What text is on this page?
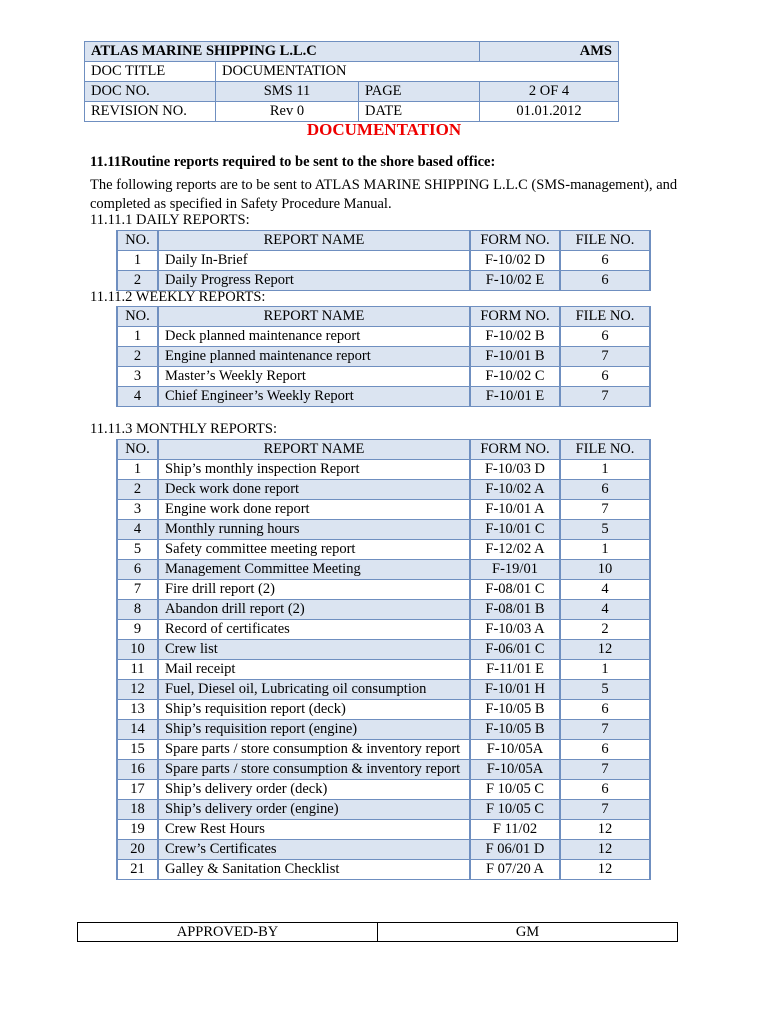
ATLAS MARINE SHIPPING L.L.C			AMS
DOC TITLE	DOCUMENTATION		
DOC NO.	SMS 11	PAGE	2 OF 4
REVISION NO.	Rev 0	DATE	01.01.2012
DOCUMENTATION
11.11Routine reports required to be sent to the shore based office:
The following reports are to be sent to ATLAS MARINE SHIPPING L.L.C (SMS-management), and completed as specified in Safety Procedure Manual.
11.11.1 DAILY REPORTS:
NO.	REPORT NAME	FORM NO.	FILE NO.
1	Daily In-Brief	F-10/02 D	6
2	Daily Progress Report	F-10/02 E	6
11.11.2 WEEKLY REPORTS:
NO.	REPORT NAME	FORM NO.	FILE NO.
1	Deck planned maintenance report	F-10/02 B	6
2	Engine planned maintenance report	F-10/01 B	7
3	Master’s Weekly Report	F-10/02 C	6
4	Chief Engineer’s Weekly Report	F-10/01 E	7
11.11.3 MONTHLY REPORTS:
NO.	REPORT NAME	FORM NO.	FILE NO.
1	Ship’s monthly inspection Report	F-10/03 D	1
2	Deck work done report	F-10/02 A	6
3	Engine work done report	F-10/01 A	7
4	Monthly running hours	F-10/01 C	5
5	Safety committee meeting report	F-12/02 A	1
6	Management Committee Meeting	F-19/01	10
7	Fire drill report (2)	F-08/01 C	4
8	Abandon drill report (2)	F-08/01 B	4
9	Record of certificates	F-10/03 A	2
10	Crew list	F-06/01 C	12
11	Mail receipt	F-11/01 E	1
12	Fuel, Diesel oil, Lubricating oil consumption	F-10/01 H	5
13	Ship’s requisition report (deck)	F-10/05 B	6
14	Ship’s requisition report (engine)	F-10/05 B	7
15	Spare parts / store consumption & inventory report	F-10/05A	6
16	Spare parts / store consumption & inventory report	F-10/05A	7
17	Ship’s delivery order (deck)	F 10/05 C	6
18	Ship’s delivery order (engine)	F 10/05 C	7
19	Crew Rest Hours	F 11/02	12
20	Crew’s Certificates	F 06/01 D	12
21	Galley & Sanitation Checklist	F 07/20 A	12
APPROVED-BY	GM
